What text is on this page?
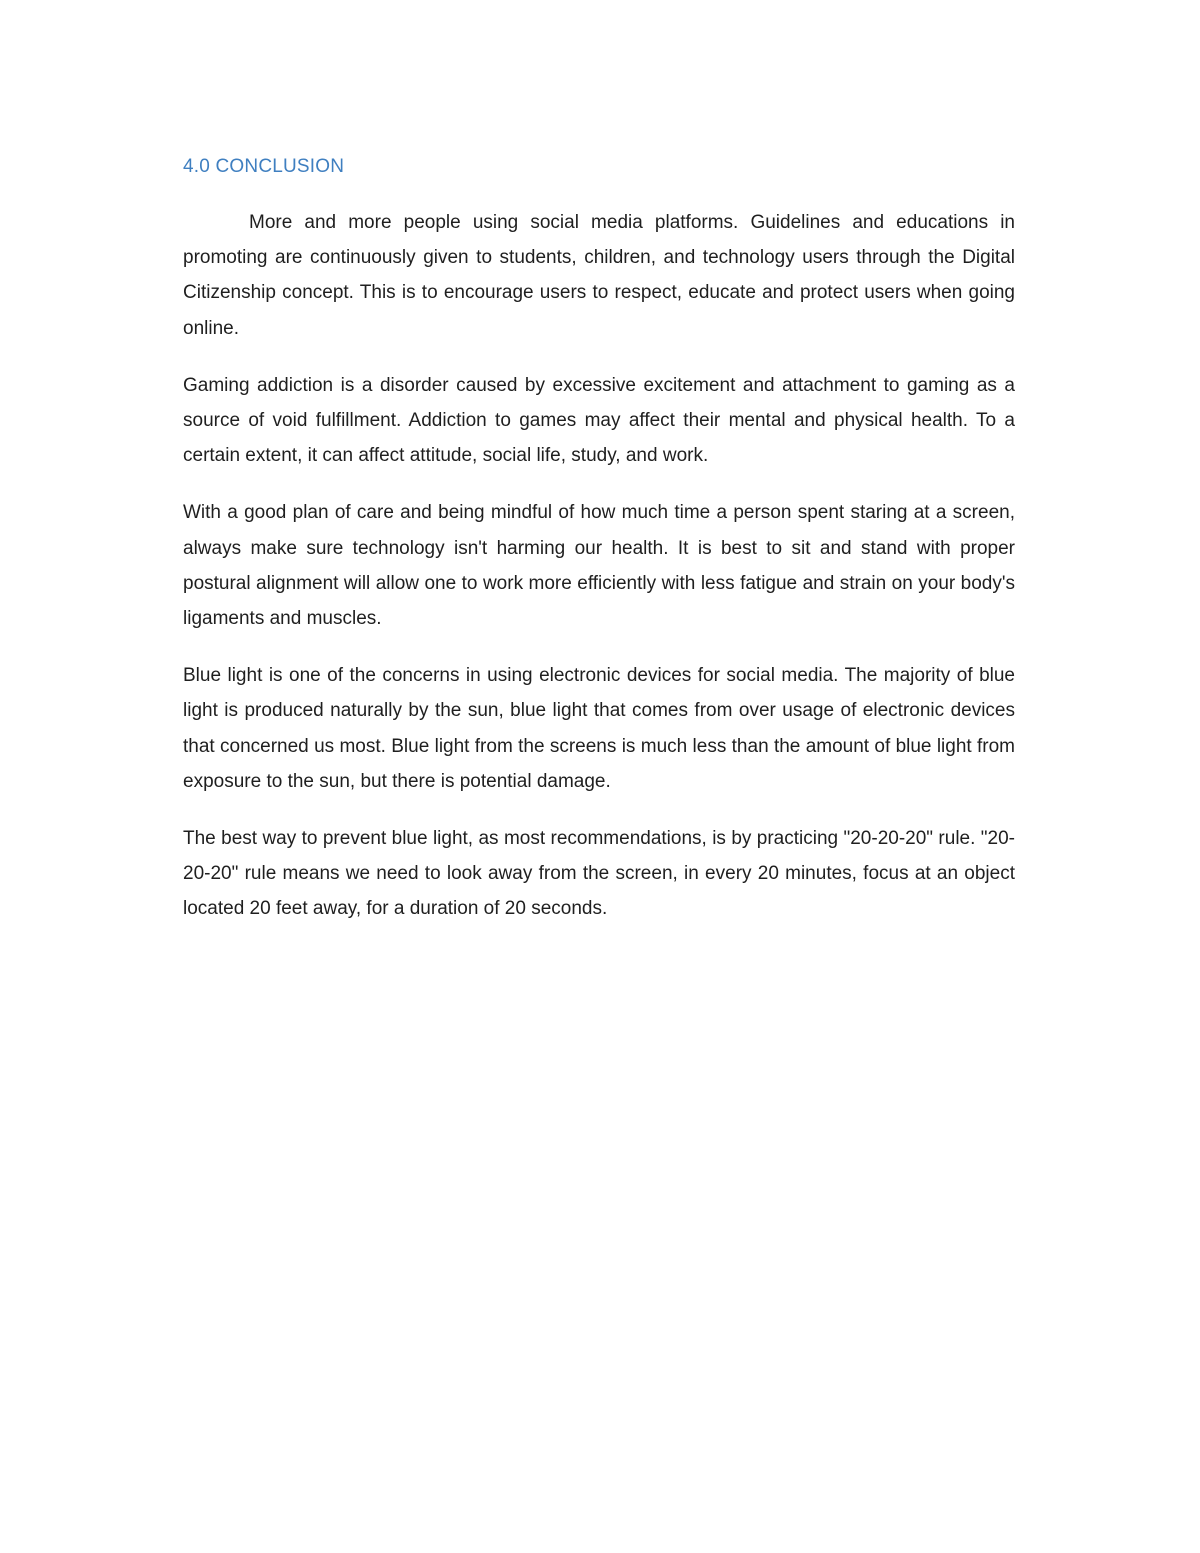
4.0 CONCLUSION

More and more people using social media platforms. Guidelines and educations in promoting are continuously given to students, children, and technology users through the Digital Citizenship concept. This is to encourage users to respect, educate and protect users when going online.

Gaming addiction is a disorder caused by excessive excitement and attachment to gaming as a source of void fulfillment. Addiction to games may affect their mental and physical health. To a certain extent, it can affect attitude, social life, study, and work.

With a good plan of care and being mindful of how much time a person spent staring at a screen, always make sure technology isn't harming our health. It is best to sit and stand with proper postural alignment will allow one to work more efficiently with less fatigue and strain on your body's ligaments and muscles.

Blue light is one of the concerns in using electronic devices for social media. The majority of blue light is produced naturally by the sun, blue light that comes from over usage of electronic devices that concerned us most. Blue light from the screens is much less than the amount of blue light from exposure to the sun, but there is potential damage.

The best way to prevent blue light, as most recommendations, is by practicing "20-20-20" rule. "20-20-20" rule means we need to look away from the screen, in every 20 minutes, focus at an object located 20 feet away, for a duration of 20 seconds.
